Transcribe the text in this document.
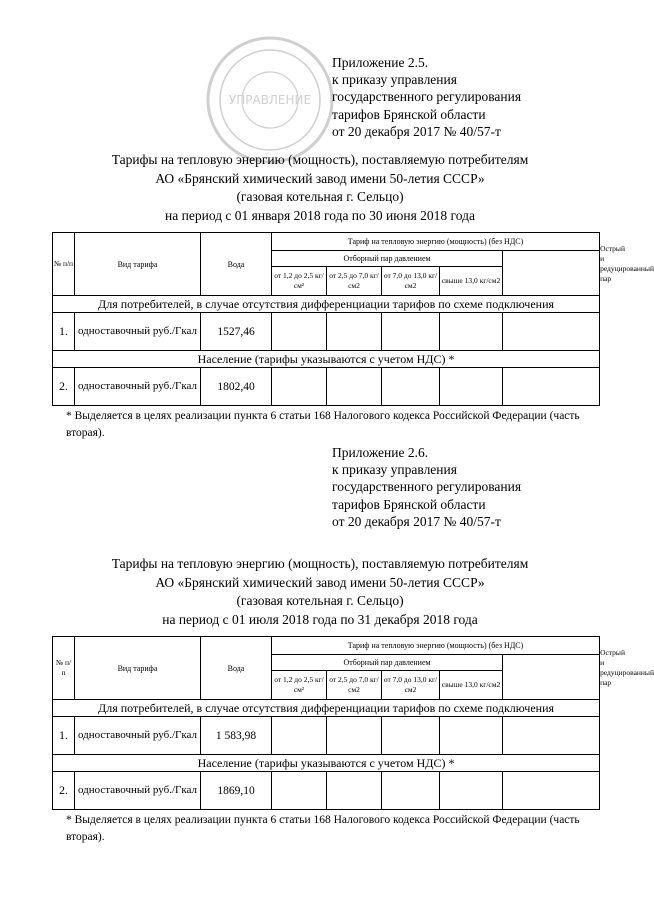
УПРАВЛЕНИЕ
Приложение 2.5.
к приказу управления
государственного регулирования
тарифов Брянской области
от 20 декабря 2017 № 40/57-т
Тарифы на тепловую энергию (мощность), поставляемую потребителям
АО «Брянский химический завод имени 50-летия СССР»
(газовая котельная г. Сельцо)
на период с 01 января 2018 года по 30 июня 2018 года
№ п/п	Вид тарифа	Вода	Тариф на тепловую энергию (мощность) (без НДС)					Острый и редуцированный пар
			Отборный пар давлением					
			от 1,2 до 2,5 кг/см²	от 2,5 до 7,0 кг/см2	от 7,0 до 13,0 кг/см2	свыше 13,0 кг/см2		
Для потребителей, в случае отсутствия дифференциации тарифов по схеме подключения								
1.	одноставочный руб./Гкал	1527,46						
Население (тарифы указываются с учетом НДС) *								
2.	одноставочный руб./Гкал	1802,40						
* Выделяется в целях реализации пункта 6 статьи 168 Налогового кодекса Российской Федерации (часть вторая).
Приложение 2.6.
к приказу управления
государственного регулирования
тарифов Брянской области
от 20 декабря 2017 № 40/57-т
Тарифы на тепловую энергию (мощность), поставляемую потребителям
АО «Брянский химический завод имени 50-летия СССР»
(газовая котельная г. Сельцо)
на период с 01 июля 2018 года по 31 декабря 2018 года
№ п/ п	Вид тарифа	Вода	Тариф на тепловую энергию (мощность) (без НДС)					Острый и редуцированный пар
			Отборный пар давлением					
			от 1,2 до 2,5 кг/см²	от 2,5 до 7,0 кг/см2	от 7,0 до 13,0 кг/см2	свыше 13,0 кг/см2		
Для потребителей, в случае отсутствия дифференциации тарифов по схеме подключения								
1.	одноставочный руб./Гкал	1 583,98						
Население (тарифы указываются с учетом НДС) *								
2.	одноставочный руб./Гкал	1869,10						
* Выделяется в целях реализации пункта 6 статьи 168 Налогового кодекса Российской Федерации (часть вторая).
